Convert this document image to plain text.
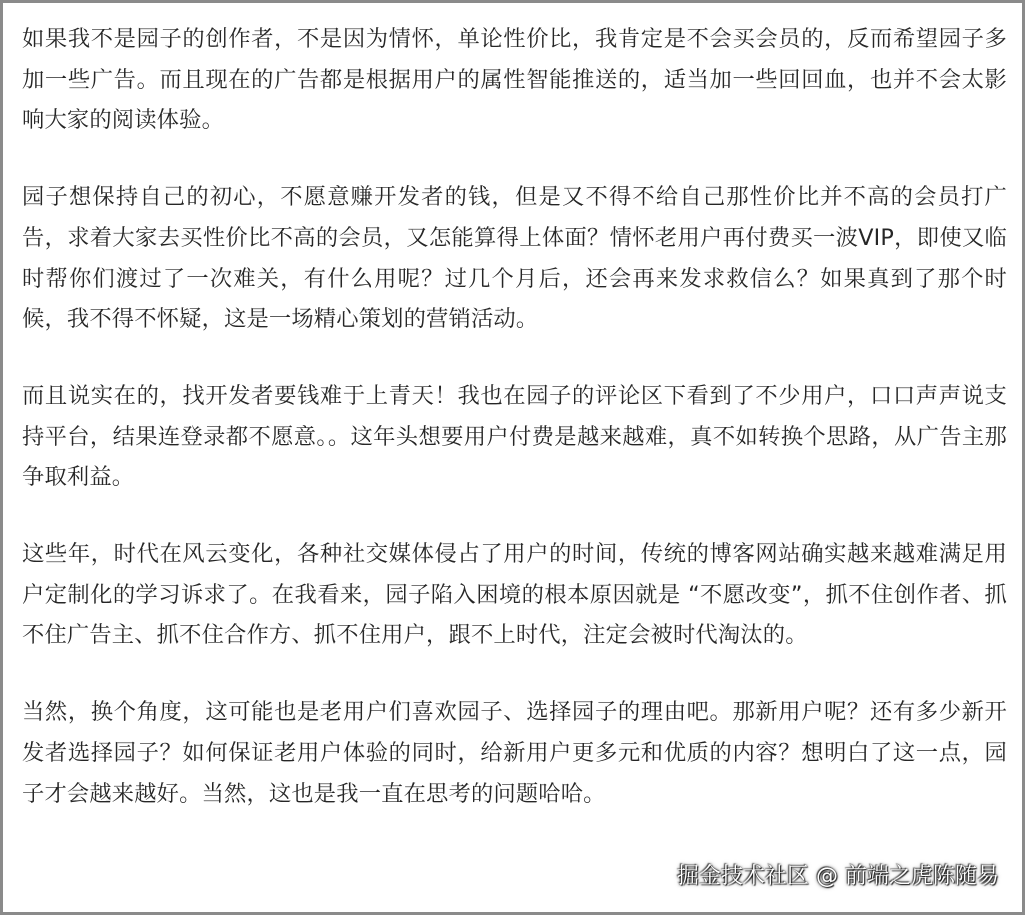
如果我不是园子的创作者，不是因为情怀，单论性价比，我肯定是不会买会员的，反而希望园子多加一些广告。而且现在的广告都是根据用户的属性智能推送的，适当加一些回回血，也并不会太影响大家的阅读体验。

园子想保持自己的初心，不愿意赚开发者的钱，但是又不得不给自己那性价比并不高的会员打广告，求着大家去买性价比不高的会员，又怎能算得上体面？情怀老用户再付费买一波VIP，即使又临时帮你们渡过了一次难关，有什么用呢？过几个月后，还会再来发求救信么？如果真到了那个时候，我不得不怀疑，这是一场精心策划的营销活动。

而且说实在的，找开发者要钱难于上青天！我也在园子的评论区下看到了不少用户，口口声声说支持平台，结果连登录都不愿意。。这年头想要用户付费是越来越难，真不如转换个思路，从广告主那争取利益。

这些年，时代在风云变化，各种社交媒体侵占了用户的时间，传统的博客网站确实越来越难满足用户定制化的学习诉求了。在我看来，园子陷入困境的根本原因就是 “不愿改变”，抓不住创作者、抓不住广告主、抓不住合作方、抓不住用户，跟不上时代，注定会被时代淘汰的。

当然，换个角度，这可能也是老用户们喜欢园子、选择园子的理由吧。那新用户呢？还有多少新开发者选择园子？如何保证老用户体验的同时，给新用户更多元和优质的内容？想明白了这一点，园子才会越来越好。当然，这也是我一直在思考的问题哈哈。

掘金技术社区 @ 前端之虎陈随易
